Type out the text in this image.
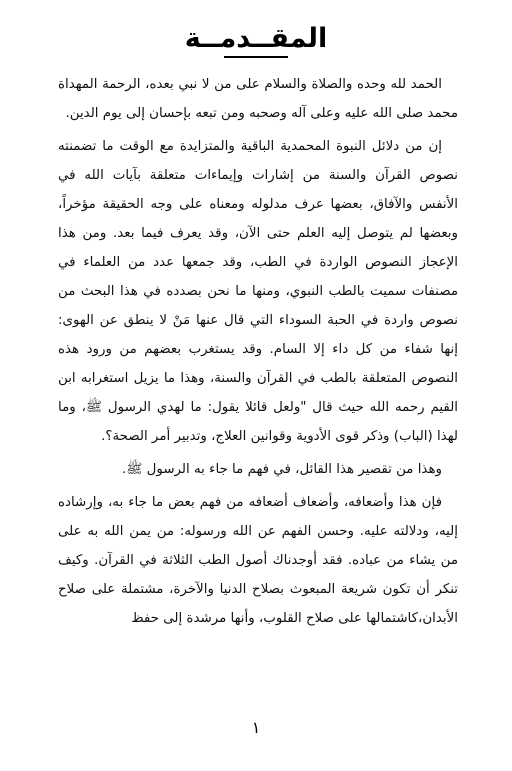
المقــدمــة

الحمد لله وحده والصلاة والسلام على من لا نبي بعده، الرحمة المهداة محمد صلى الله عليه وعلى آله وصحبه ومن تبعه بإحسان إلى يوم الدين.

إن من دلائل النبوة المحمدية الباقية والمتزايدة مع الوقت ما تضمنته نصوص القرآن والسنة من إشارات وإيماءات متعلقة بآيات الله في الأنفس والآفاق، بعضها عرف مدلوله ومعناه على وجه الحقيقة مؤخراً، وبعضها لم يتوصل إليه العلم حتى الآن، وقد يعرف فيما بعد. ومن هذا الإعجاز النصوص الواردة في الطب، وقد جمعها عدد من العلماء في مصنفات سميت بالطب النبوي، ومنها ما نحن بصدده في هذا البحث من نصوص واردة في الحبة السوداء التي قال عنها مَنْ لا ينطق عن الهوى: إنها شفاء من كل داء إلا السام. وقد يستغرب بعضهم من ورود هذه النصوص المتعلقة بالطب في القرآن والسنة، وهذا ما يزيل استغرابه ابن القيم رحمه الله حيث قال "ولعل قائلا يقول: ما لهدي الرسول ﷺ، وما لهذا (الباب) وذكر قوى الأدوية وقوانين العلاج، وتدبير أمر الصحة؟.

وهذا من تقصير هذا القائل، في فهم ما جاء به الرسول ﷺ.

فإن هذا وأضعافه، وأضعاف أضعافه من فهم بعض ما جاء به، وإرشاده إليه، ودلالته عليه. وحسن الفهم عن الله ورسوله: من يمن الله به على من يشاء من عباده. فقد أوجدناك أصول الطب الثلاثة في القرآن. وكيف تنكر أن تكون شريعة المبعوث بصلاح الدنيا والآخرة، مشتملة على صلاح الأبدان،كاشتمالها على صلاح القلوب، وأنها مرشدة إلى حفظ

١
